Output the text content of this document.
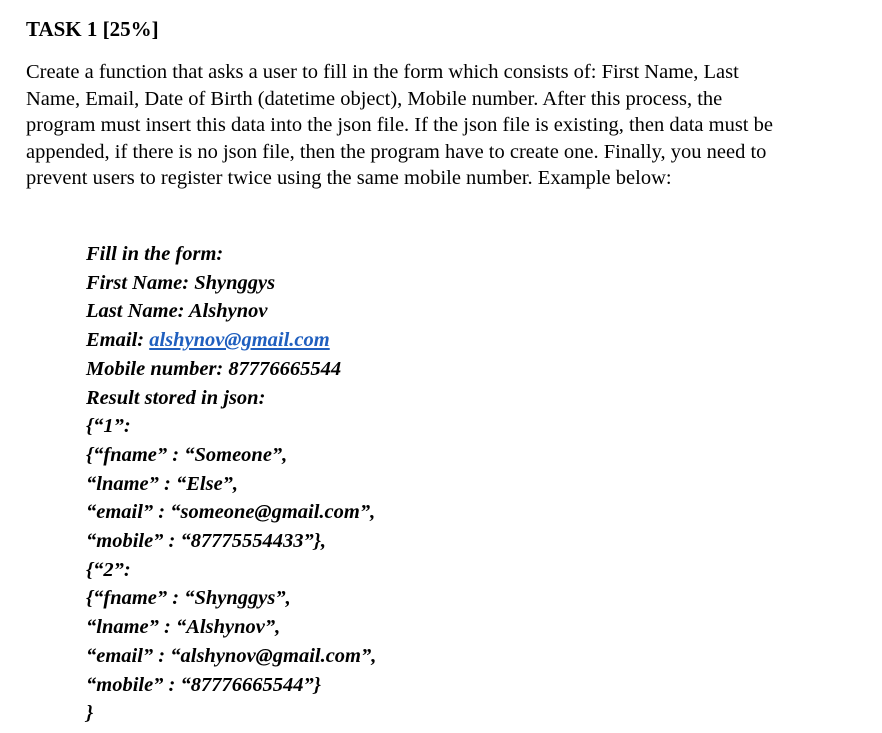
TASK 1 [25%]

Create a function that asks a user to fill in the form which consists of: First Name, Last
Name, Email, Date of Birth (datetime object), Mobile number. After this process, the
program must insert this data into the json file. If the json file is existing, then data must be
appended, if there is no json file, then the program have to create one. Finally, you need to
prevent users to register twice using the same mobile number. Example below:

Fill in the form:
First Name: Shynggys
Last Name: Alshynov
Email: alshynov@gmail.com
Mobile number: 87776665544
Result stored in json:
{“1”:
{“fname” : “Someone”,
“lname” : “Else”,
“email” : “someone@gmail.com”,
“mobile” : “87775554433”},
{“2”:
{“fname” : “Shynggys”,
“lname” : “Alshynov”,
“email” : “alshynov@gmail.com”,
“mobile” : “87776665544”}
}
